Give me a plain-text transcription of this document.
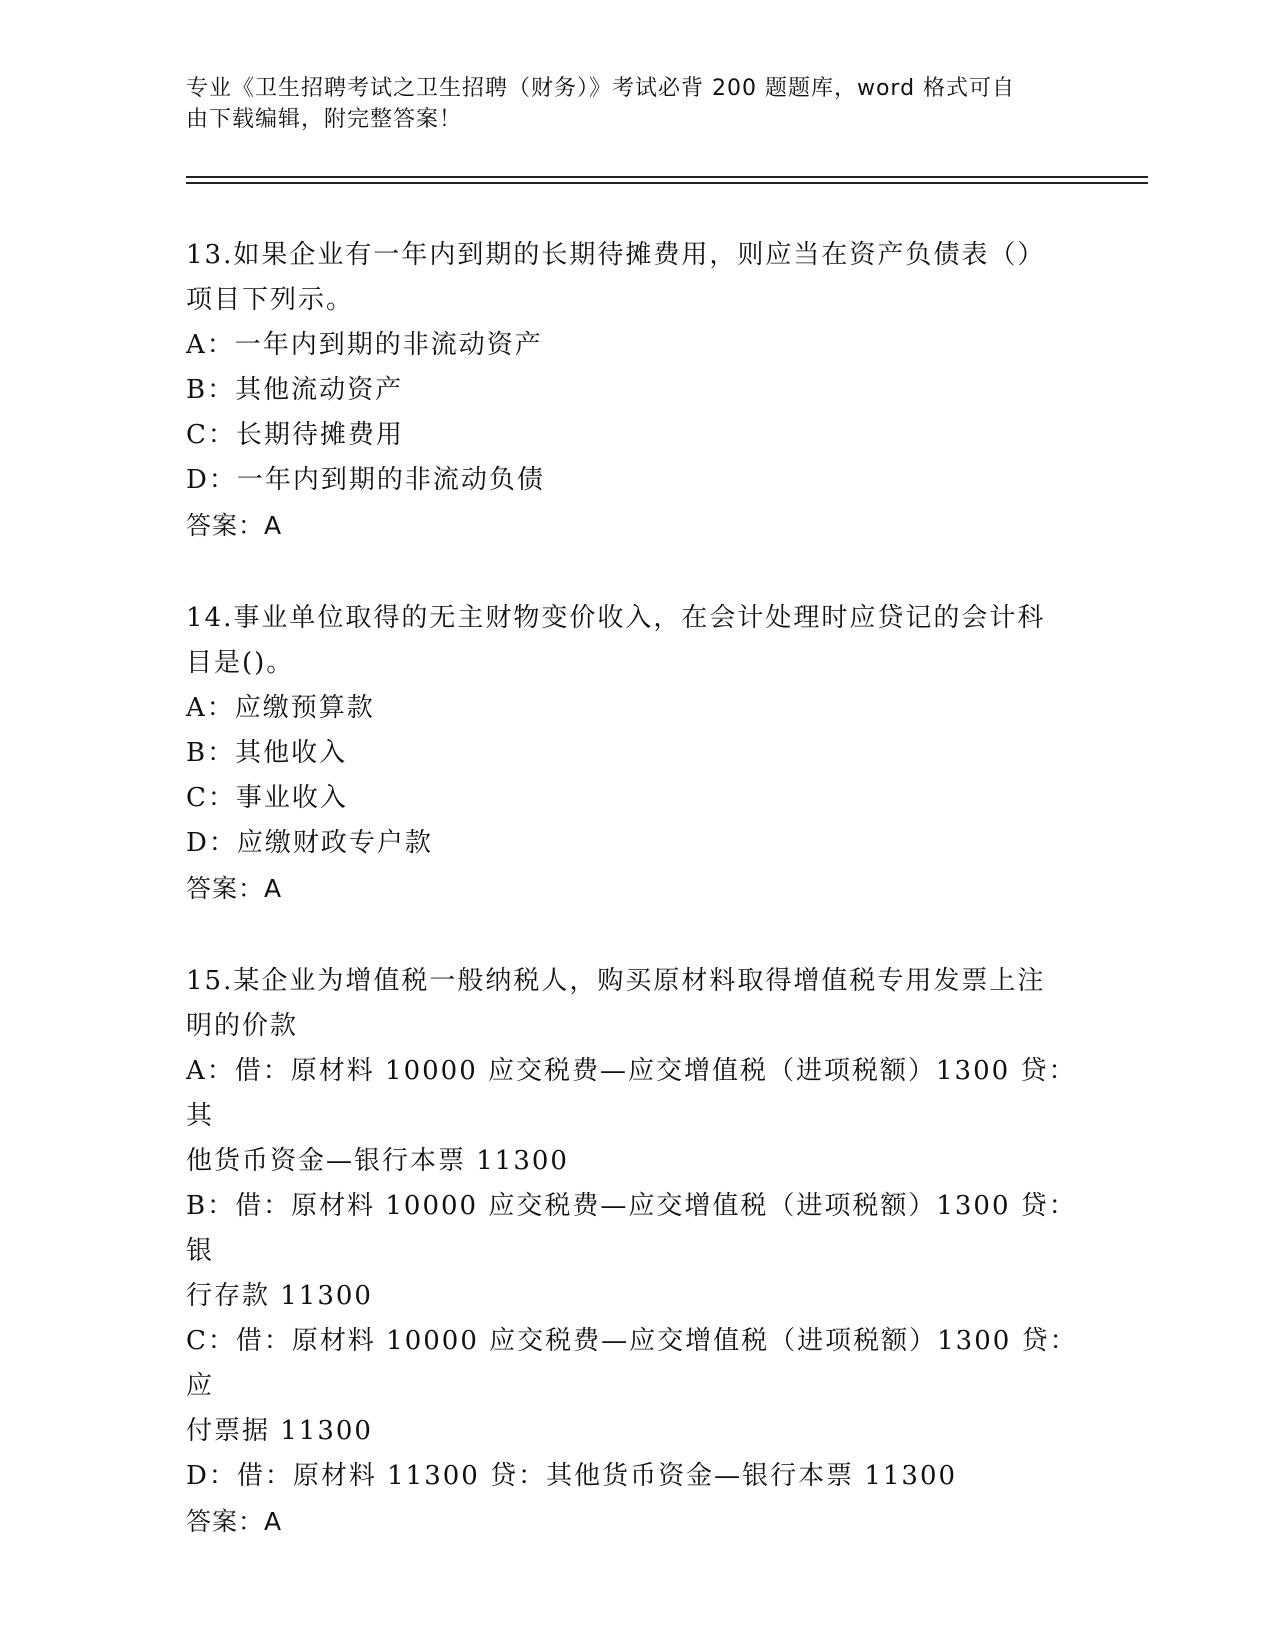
专业《卫生招聘考试之卫生招聘（财务）》考试必背 200 题题库，word 格式可自
由下载编辑，附完整答案！

13.如果企业有一年内到期的长期待摊费用，则应当在资产负债表（）

项目下列示。

A：一年内到期的非流动资产

B：其他流动资产

C：长期待摊费用

D：一年内到期的非流动负债

答案：A

14.事业单位取得的无主财物变价收入，在会计处理时应贷记的会计科

目是()。

A：应缴预算款

B：其他收入

C：事业收入

D：应缴财政专户款

答案：A

15.某企业为增值税一般纳税人，购买原材料取得增值税专用发票上注

明的价款

A：借：原材料 10000 应交税费—应交增值税（进项税额）1300 贷：其

他货币资金—银行本票 11300

B：借：原材料 10000 应交税费—应交增值税（进项税额）1300 贷：银

行存款 11300

C：借：原材料 10000 应交税费—应交增值税（进项税额）1300 贷：应

付票据 11300

D：借：原材料 11300 贷：其他货币资金—银行本票 11300

答案：A
